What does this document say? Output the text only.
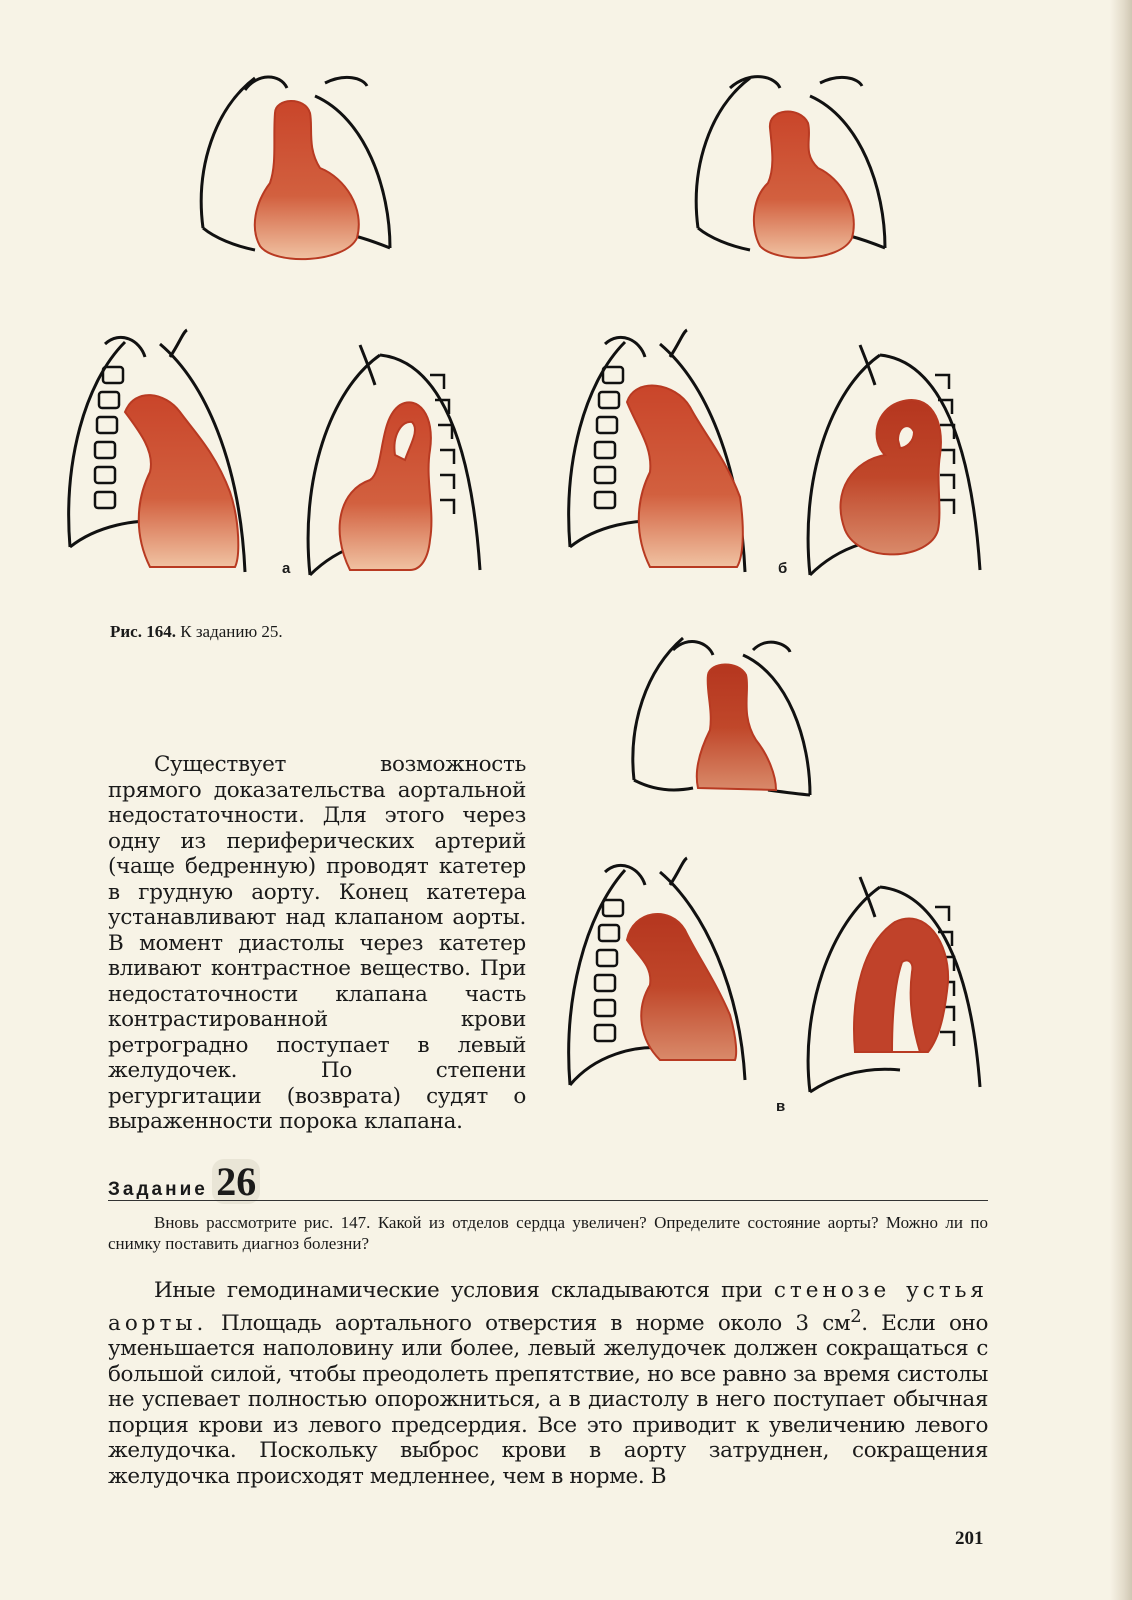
а	б
Рис. 164. К заданию 25.
в
Существует возможность прямого доказательства аортальной недостаточности. Для этого через одну из периферических артерий (чаще бедренную) проводят катетер в грудную аорту. Конец катетера устанавливают над клапаном аорты. В момент диастолы через катетер вливают контрастное вещество. При недостаточности клапана часть контрастированной крови ретроградно поступает в левый желудочек. По степени регургитации (возврата) судят о выраженности порока клапана.
Задание 26
Вновь рассмотрите рис. 147. Какой из отделов сердца увеличен? Определите состояние аорты? Можно ли по снимку поставить диагноз болезни?
Иные гемодинамические условия складываются при стенозе устья аорты. Площадь аортального отверстия в норме около 3 $см^2$. Если оно уменьшается наполовину или более, левый желудочек должен сокращаться с большой силой, чтобы преодолеть препятствие, но все равно за время систолы не успевает полностью опорожниться, а в диастолу в него поступает обычная порция крови из левого предсердия. Все это приводит к увеличению левого желудочка. Поскольку выброс крови в аорту затруднен, сокращения желудочка происходят медленнее, чем в норме. В
201
